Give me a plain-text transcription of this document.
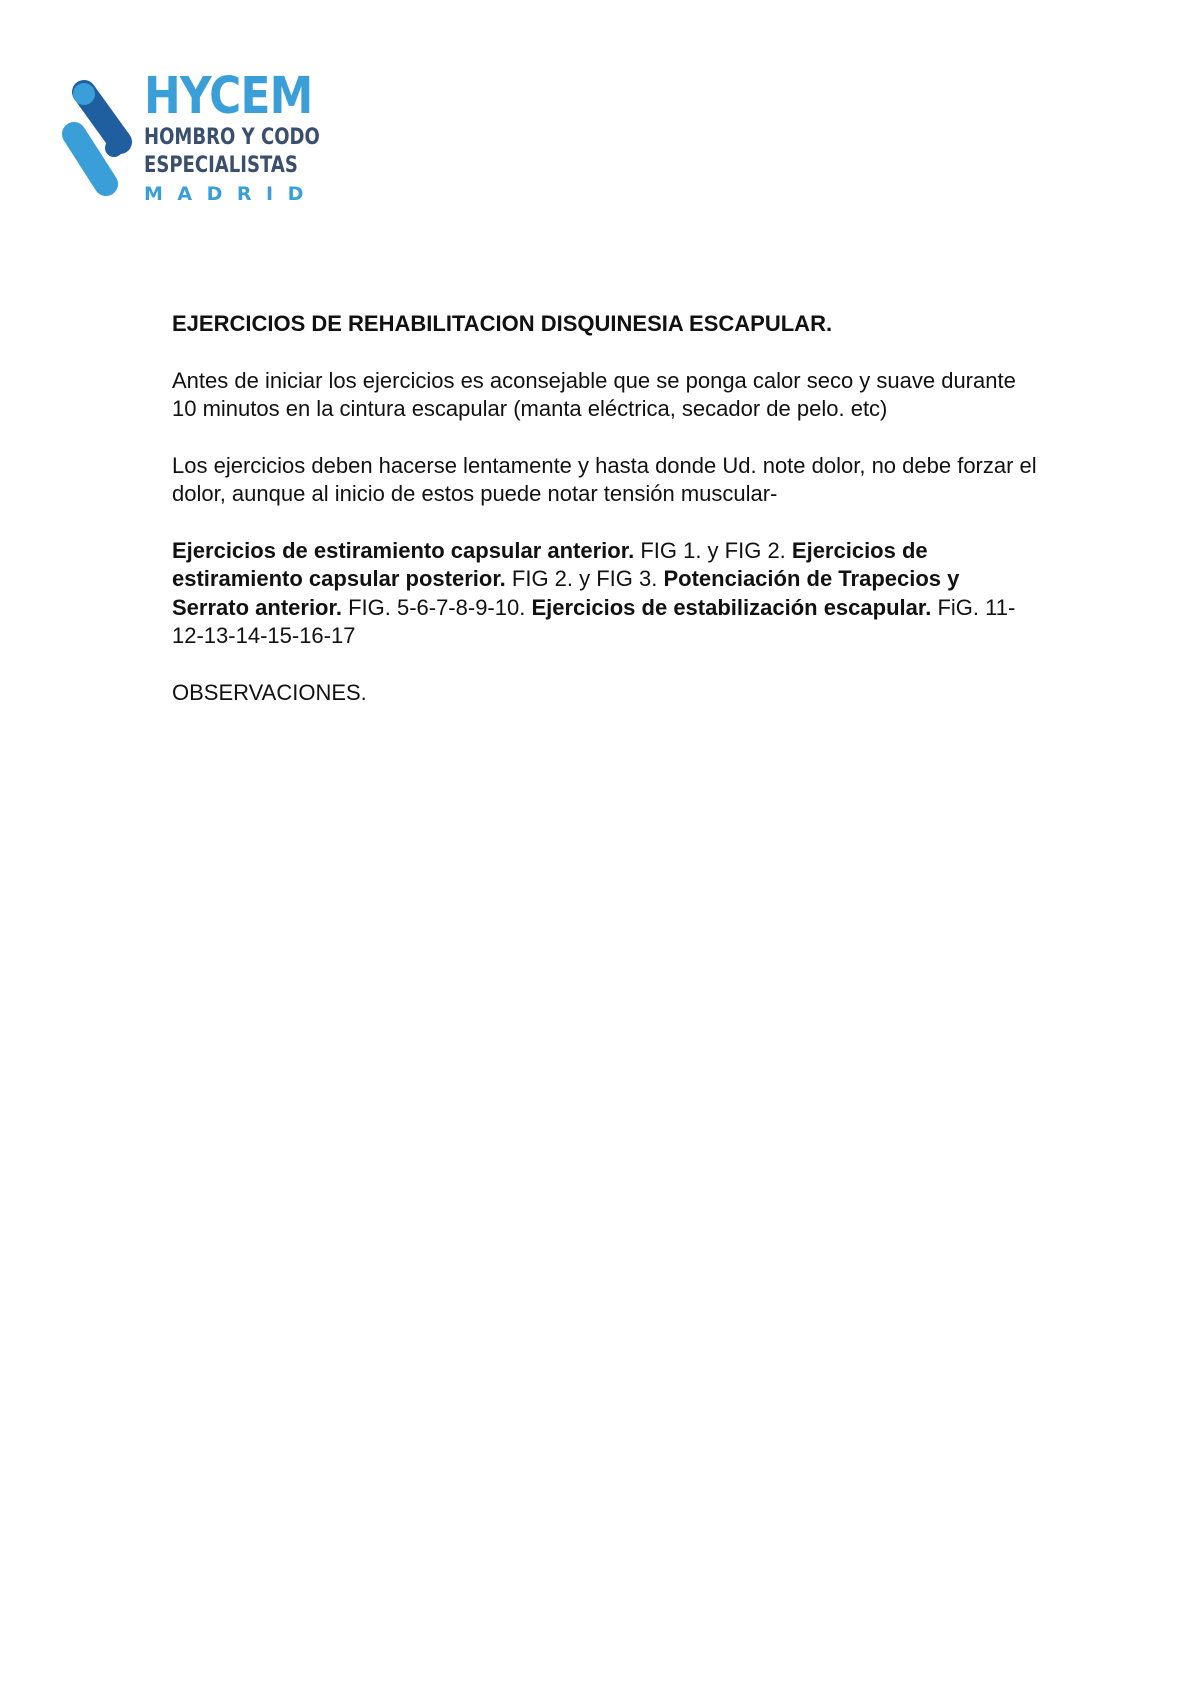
HYCEM
HOMBRO Y CODO
ESPECIALISTAS
MADRID

EJERCICIOS DE REHABILITACION DISQUINESIA ESCAPULAR.

Antes de iniciar los ejercicios es aconsejable que se ponga calor seco y suave durante 10 minutos en la cintura escapular (manta eléctrica, secador de pelo. etc)

Los ejercicios deben hacerse lentamente y hasta donde Ud. note dolor, no debe forzar el dolor, aunque al inicio de estos puede notar tensión muscular-

Ejercicios de estiramiento capsular anterior. FIG 1. y FIG 2. Ejercicios de estiramiento capsular posterior. FIG 2. y FIG 3. Potenciación de Trapecios y Serrato anterior. FIG. 5-6-7-8-9-10. Ejercicios de estabilización escapular. FiG. 11-12-13-14-15-16-17

OBSERVACIONES.
